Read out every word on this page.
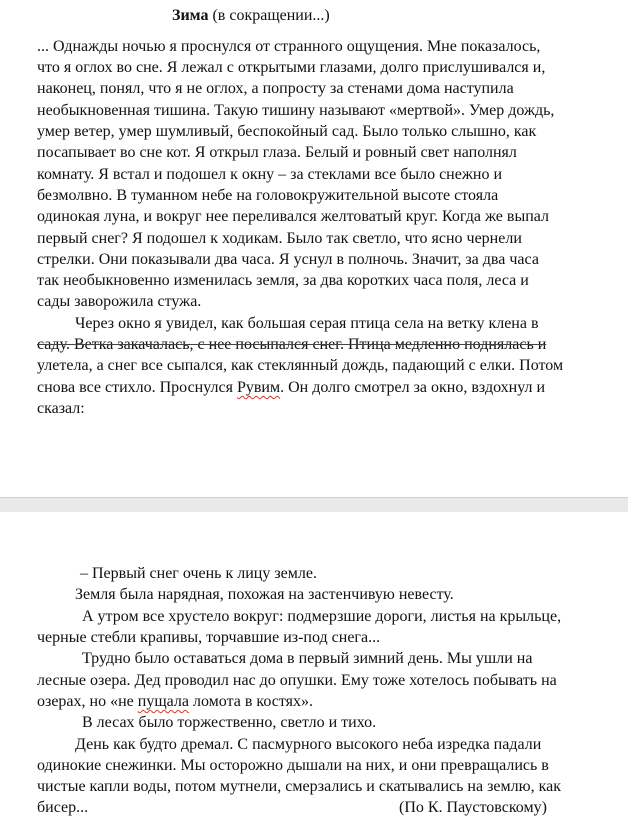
Зима (в сокращении...)
... Однажды ночью я проснулся от странного ощущения. Мне показалось,
что я оглох во сне. Я лежал с открытыми глазами, долго прислушивался и,
наконец, понял, что я не оглох, а попросту за стенами дома наступила
необыкновенная тишина. Такую тишину называют «мертвой». Умер дождь,
умер ветер, умер шумливый, беспокойный сад. Было только слышно, как
посапывает во сне кот. Я открыл глаза. Белый и ровный свет наполнял
комнату. Я встал и подошел к окну – за стеклами все было снежно и
безмолвно. В туманном небе на головокружительной высоте стояла
одинокая луна, и вокруг нее переливался желтоватый круг. Когда же выпал
первый снег? Я подошел к ходикам. Было так светло, что ясно чернели
стрелки. Они показывали два часа. Я уснул в полночь. Значит, за два часа
так необыкновенно изменилась земля, за два коротких часа поля, леса и
сады заворожила стужа.
Через окно я увидел, как большая серая птица села на ветку клена в
саду. Ветка закачалась, с нее посыпался снег. Птица медленно поднялась и
улетела, а снег все сыпался, как стеклянный дождь, падающий с елки. Потом
снова все стихло. Проснулся Рувим. Он долго смотрел за окно, вздохнул и
сказал:
– Первый снег очень к лицу земле.
Земля была нарядная, похожая на застенчивую невесту.
А утром все хрустело вокруг: подмерзшие дороги, листья на крыльце,
черные стебли крапивы, торчавшие из-под снега...
Трудно было оставаться дома в первый зимний день. Мы ушли на
лесные озера. Дед проводил нас до опушки. Ему тоже хотелось побывать на
озерах, но «не пущала ломота в костях».
В лесах было торжественно, светло и тихо.
День как будто дремал. С пасмурного высокого неба изредка падали
одинокие снежинки. Мы осторожно дышали на них, и они превращались в
чистые капли воды, потом мутнели, смерзались и скатывались на землю, как
бисер...	(По К. Паустовскому)
